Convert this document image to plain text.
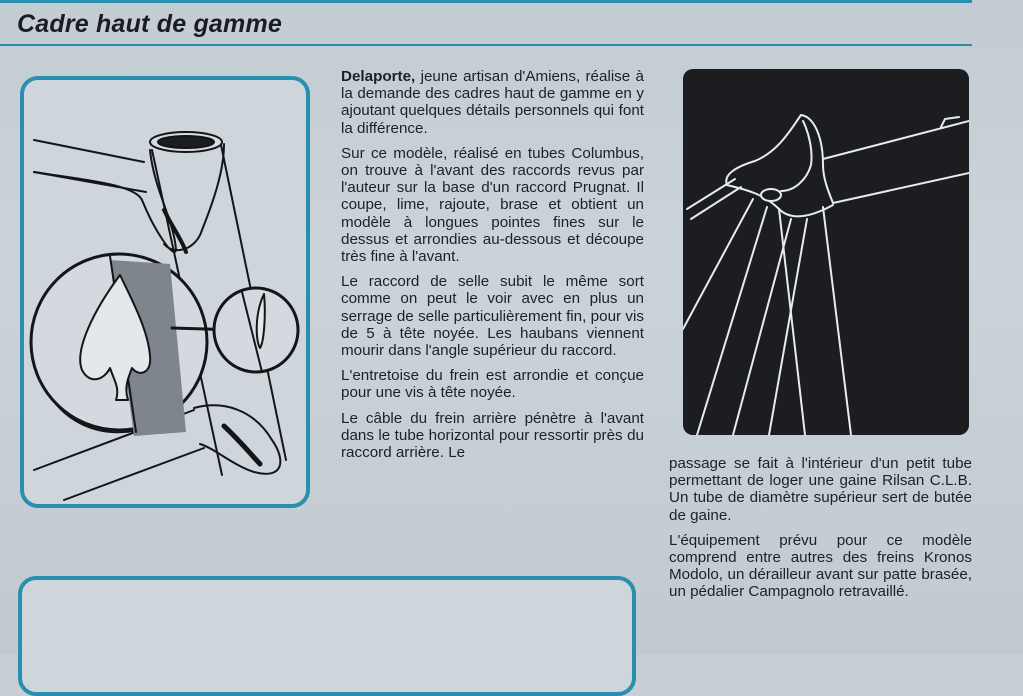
Cadre haut de gamme

Delaporte, jeune artisan d'Amiens, réalise à la demande des cadres haut de gamme en y ajoutant quelques détails personnels qui font la différence.

Sur ce modèle, réalisé en tubes Columbus, on trouve à l'avant des raccords revus par l'auteur sur la base d'un raccord Prugnat. Il coupe, lime, rajoute, brase et obtient un modèle à longues pointes fines sur le dessus et arrondies au-dessous et découpe très fine à l'avant.

Le raccord de selle subit le même sort comme on peut le voir avec en plus un serrage de selle particulièrement fin, pour vis de 5 à tête noyée. Les haubans viennent mourir dans l'angle supérieur du raccord.

L'entretoise du frein est arrondie et conçue pour une vis à tête noyée.

Le câble du frein arrière pénètre à l'avant dans le tube horizontal pour ressortir près du raccord arrière. Le

passage se fait à l'intérieur d'un petit tube permettant de loger une gaine Rilsan C.L.B. Un tube de diamètre supérieur sert de butée de gaine.

L'équipement prévu pour ce modèle comprend entre autres des freins Kronos Modolo, un dérailleur avant sur patte brasée, un pédalier Campagnolo retravaillé.
